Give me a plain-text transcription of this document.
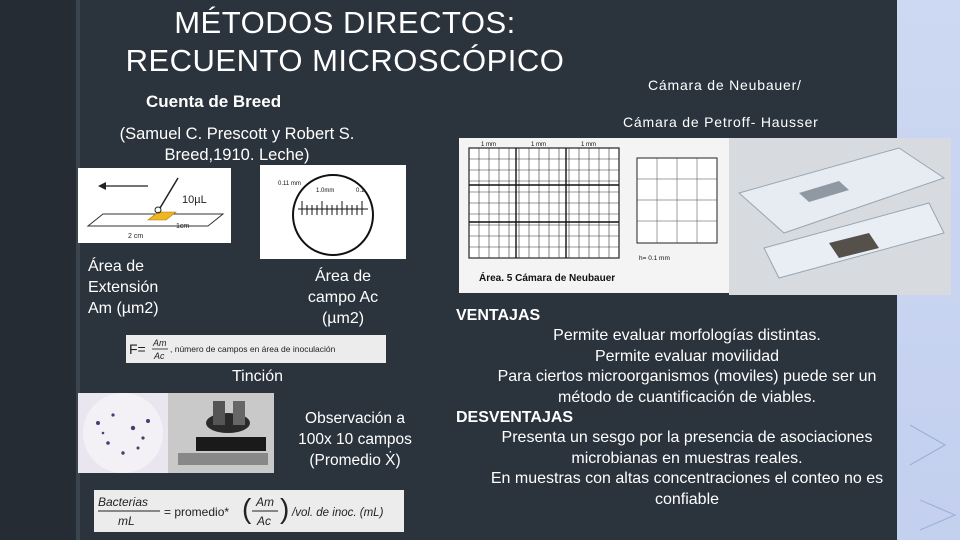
MÉTODOS DIRECTOS:
RECUENTO MICROSCÓPICO
Cuenta de Breed
(Samuel C. Prescott y Robert S.
Breed,1910. Leche)
10µL
1cm
2 cm
0.11 mm
1.0mm	0.1
Área de
Extensión
Am (µm2)
Área de
campo Ac
(µm2)
F= Am
Ac
, número de campos en área de inoculación
Tinción
Observación a
100x 10 campos
(Promedio Ẋ)
Bacterias
mL
= promedio* ( Am
Ac ) /vol. de inoc. (mL)
Cámara de Neubauer/
Cámara de Petroff- Hausser
1 mm	1 mm	1 mm
h= 0.1 mm
Área. 5 Cámara de Neubauer
VENTAJAS
Permite evaluar morfologías distintas.
Permite evaluar movilidad
Para ciertos microorganismos (moviles) puede ser un
método de cuantificación de viables.
DESVENTAJAS
Presenta un sesgo por la presencia de asociaciones
microbianas en muestras reales.
En muestras con altas concentraciones el conteo no es
confiable
